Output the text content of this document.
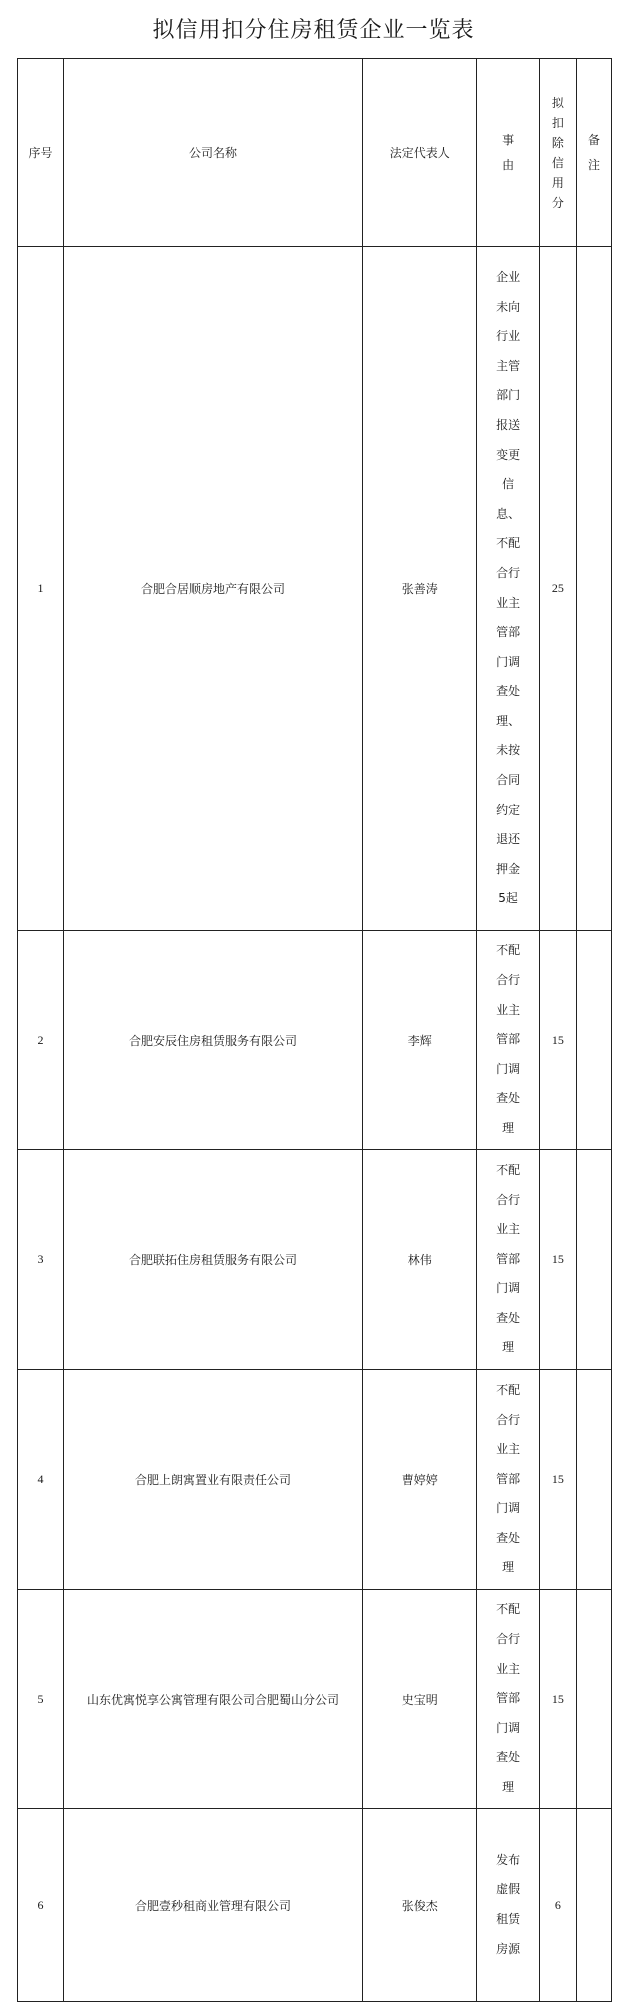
拟信用扣分住房租赁企业一览表
序号	公司名称	法定代表人	事由	拟扣除信用分	备注

1	合肥合居顺房地产有限公司	张善涛	企业未向行业主管部门报送变更信息、不配合行业主管部门调查处理、未按合同约定退还押金5起	25	
2	合肥安辰住房租赁服务有限公司	李辉	不配合行业主管部门调查处理	15	
3	合肥联拓住房租赁服务有限公司	林伟	不配合行业主管部门调查处理	15	
4	合肥上朗寓置业有限责任公司	曹婷婷	不配合行业主管部门调查处理	15	
5	山东优寓悦享公寓管理有限公司合肥蜀山分公司	史宝明	不配合行业主管部门调查处理	15	
6	合肥壹秒租商业管理有限公司	张俊杰	发布虚假租赁房源	6	
